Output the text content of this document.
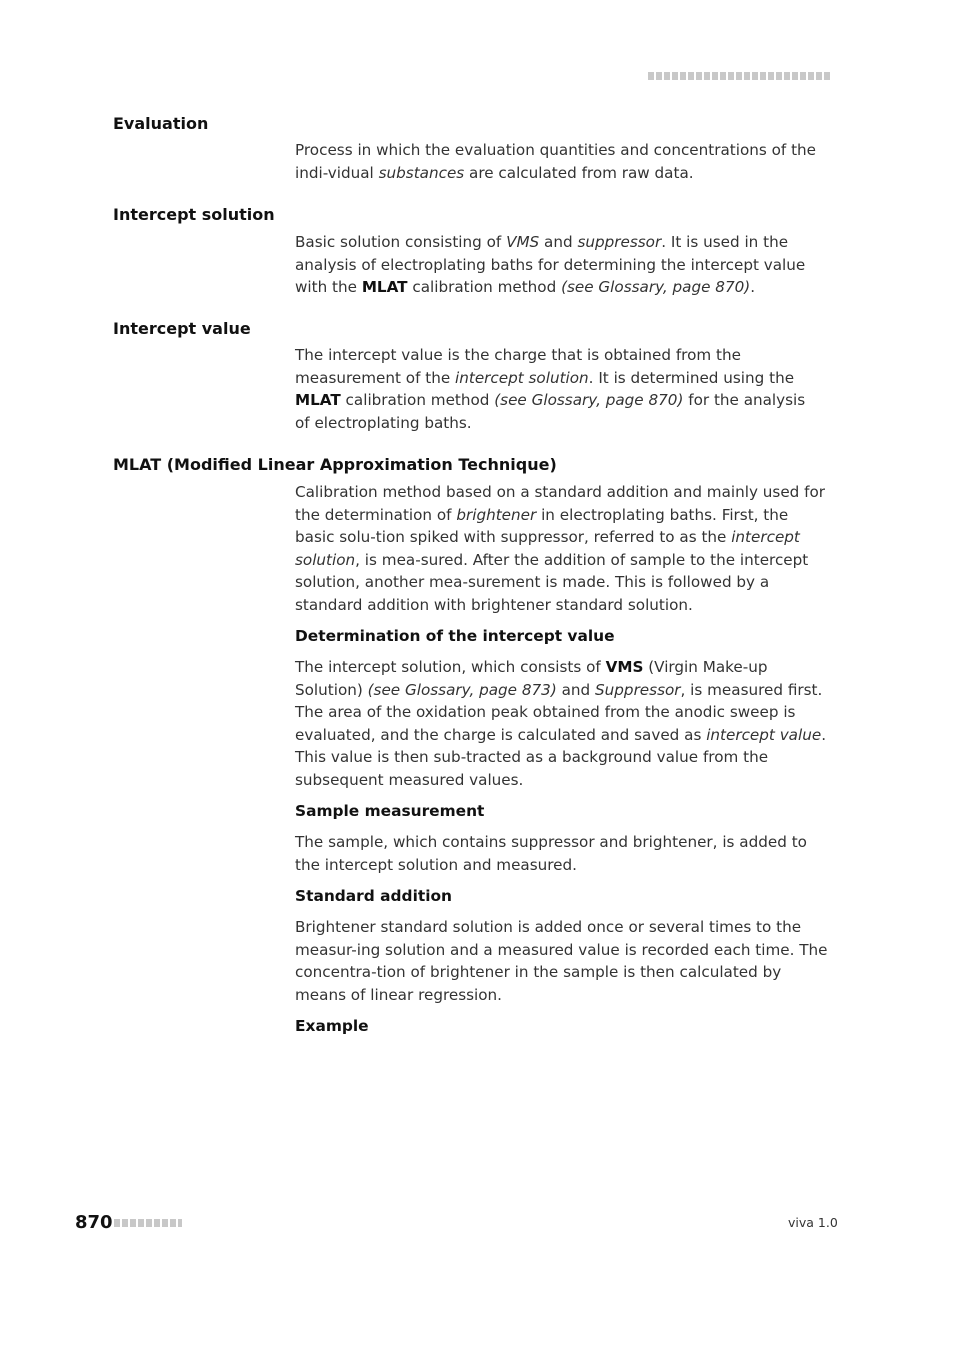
Evaluation

Process in which the evaluation quantities and concentrations of the indi-vidual substances are calculated from raw data.

Intercept solution

Basic solution consisting of VMS and suppressor. It is used in the analysis of electroplating baths for determining the intercept value with the MLAT calibration method (see Glossary, page 870).

Intercept value

The intercept value is the charge that is obtained from the measurement of the intercept solution. It is determined using the MLAT calibration method (see Glossary, page 870) for the analysis of electroplating baths.

MLAT (Modified Linear Approximation Technique)

Calibration method based on a standard addition and mainly used for the determination of brightener in electroplating baths. First, the basic solu-tion spiked with suppressor, referred to as the intercept solution, is mea-sured. After the addition of sample to the intercept solution, another mea-surement is made. This is followed by a standard addition with brightener standard solution.

Determination of the intercept value

The intercept solution, which consists of VMS (Virgin Make-up Solution) (see Glossary, page 873) and Suppressor, is measured first. The area of the oxidation peak obtained from the anodic sweep is evaluated, and the charge is calculated and saved as intercept value. This value is then sub-tracted as a background value from the subsequent measured values.

Sample measurement

The sample, which contains suppressor and brightener, is added to the intercept solution and measured.

Standard addition

Brightener standard solution is added once or several times to the measur-ing solution and a measured value is recorded each time. The concentra-tion of brightener in the sample is then calculated by means of linear regression.

Example

870	viva 1.0
